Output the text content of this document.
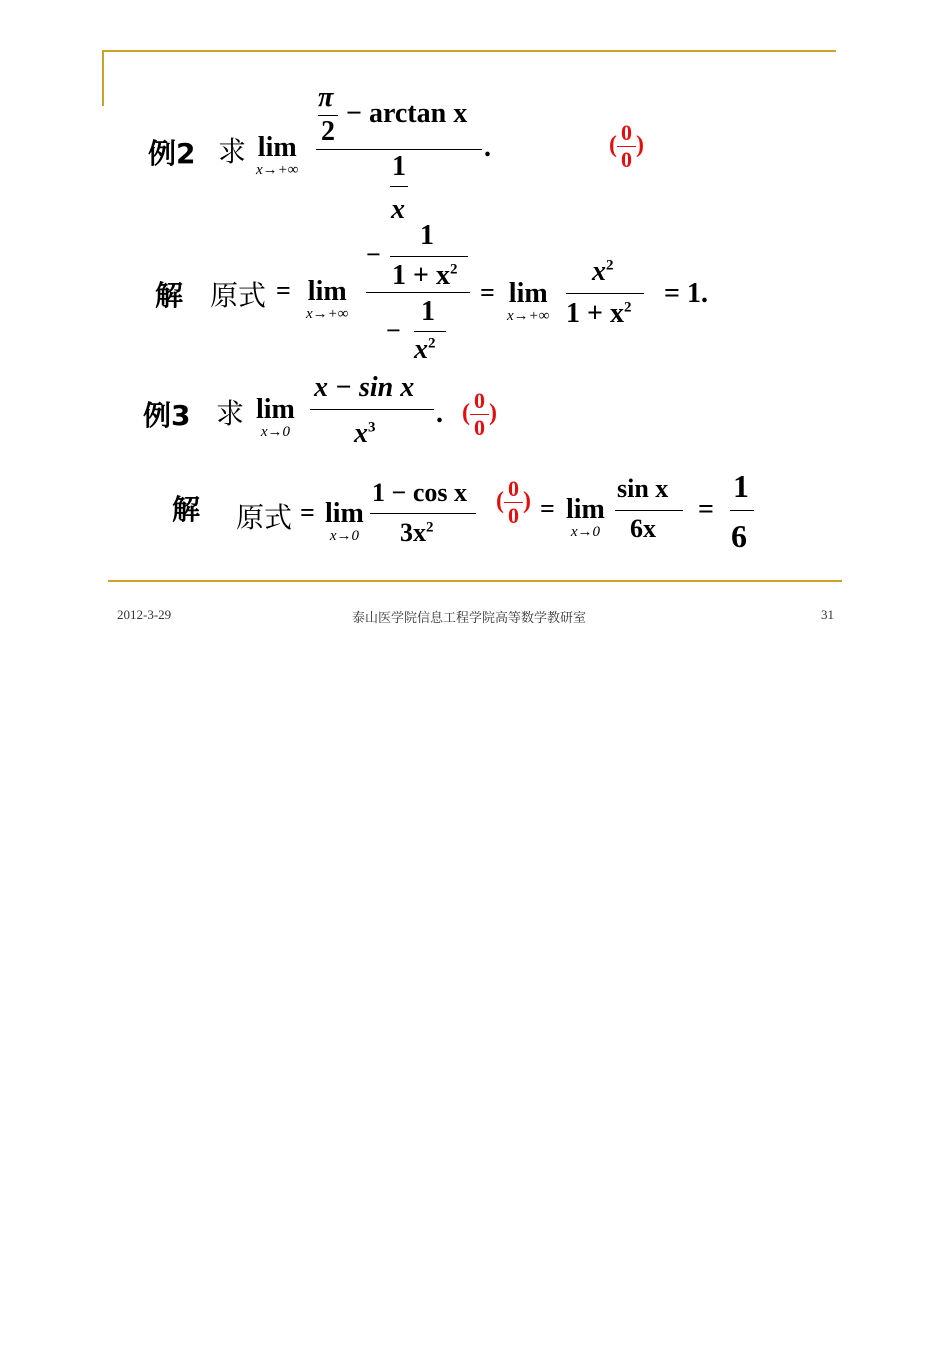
例2 求 lim
x→+∞
π
2
− arctan x
1
x
.	( $\frac{0}{0}$ )
解 原式 = lim
x→+∞
−
1
$1 + x^2$
−
1
$x^2$
= lim
x→+∞
$x^2$
$1 + x^2 = 1$.
例3 求 lim
x→0
x − sin x
$x^3$ . ( $\frac{0}{0}$ )
解 原式 = lim
x→0
1 − cos x
$3x^2$
( $\frac{0}{0}$ ) = lim
x→0
sin x
6x
=
1
6
2012-3-29	泰山医学院信息工程学院高等数学教研室	31
